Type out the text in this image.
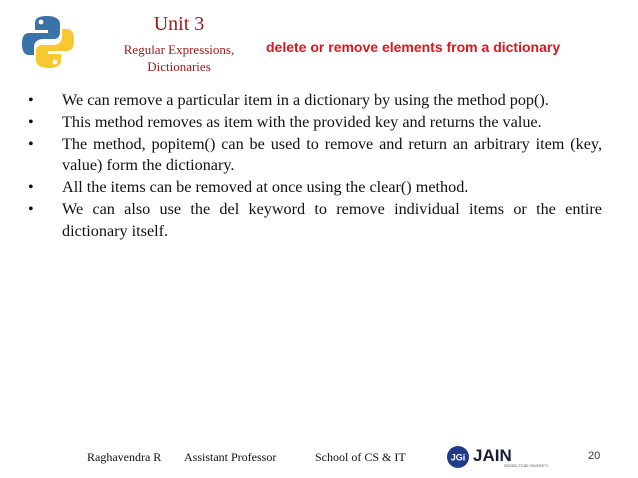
Unit 3
Regular Expressions,
Dictionaries
delete or remove elements from a dictionary
•	We can remove a particular item in a dictionary by using the method pop().
•	This method removes as item with the provided key and returns the value.
•	The method, popitem() can be used to remove and return an arbitrary item (key, value) form the dictionary.
•	All the items can be removed at once using the clear() method.
•	We can also use the del keyword to remove individual items or the entire dictionary itself.
Raghavendra R Assistant Professor	School of CS & IT	JGi JAIN
DEEMED-TO-BE UNIVERSITY
20
